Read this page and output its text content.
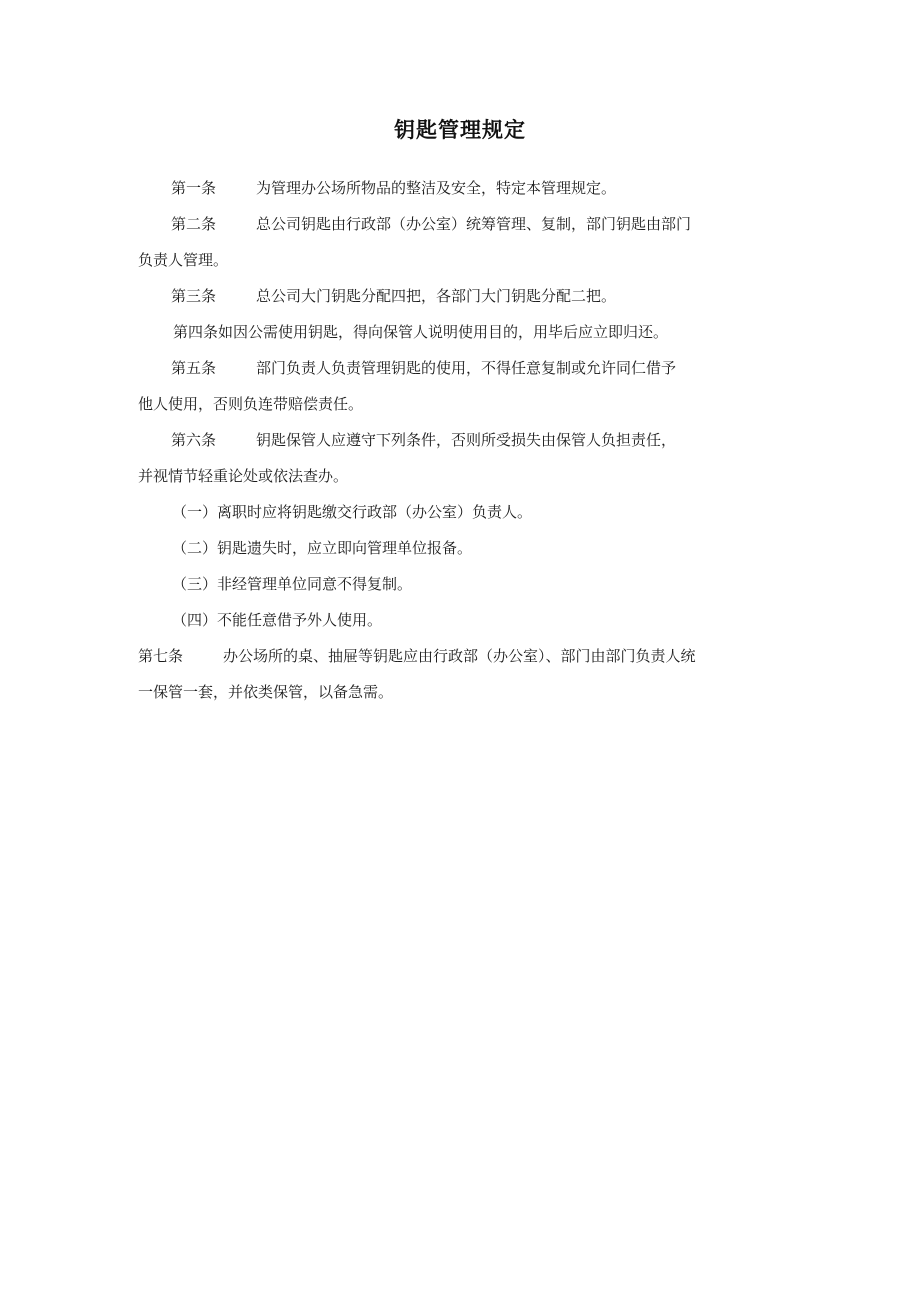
钥匙管理规定
第一条	为管理办公场所物品的整洁及安全，特定本管理规定。
第二条	总公司钥匙由行政部（办公室）统筹管理、复制，部门钥匙由部门
负责人管理。
第三条	总公司大门钥匙分配四把，各部门大门钥匙分配二把。
第四条如因公需使用钥匙，得向保管人说明使用目的，用毕后应立即归还。
第五条	部门负责人负责管理钥匙的使用，不得任意复制或允许同仁借予
他人使用，否则负连带赔偿责任。
第六条	钥匙保管人应遵守下列条件，否则所受损失由保管人负担责任，
并视情节轻重论处或依法查办。
（一）离职时应将钥匙缴交行政部（办公室）负责人。
（二）钥匙遗失时，应立即向管理单位报备。
（三）非经管理单位同意不得复制。
（四）不能任意借予外人使用。
第七条	办公场所的桌、抽屉等钥匙应由行政部（办公室）、部门由部门负责人统
一保管一套，并依类保管，以备急需。
